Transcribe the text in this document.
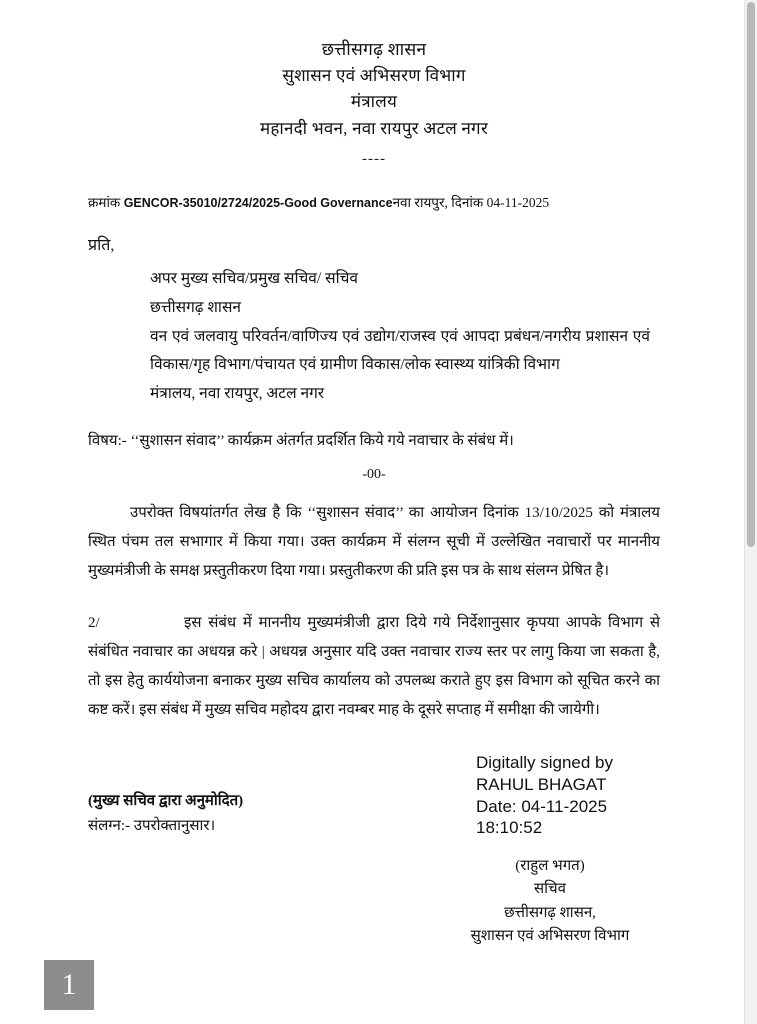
छत्तीसगढ़ शासन
सुशासन एवं अभिसरण विभाग
मंत्रालय
महानदी भवन, नवा रायपुर अटल नगर
----
क्रमांक GENCOR-35010/2724/2025-Good Governanceनवा रायपुर, दिनांक 04-11-2025
प्रति,
अपर मुख्य सचिव/प्रमुख सचिव/ सचिव
छत्तीसगढ़ शासन
वन एवं जलवायु परिवर्तन/वाणिज्य एवं उद्योग/राजस्व एवं आपदा प्रबंधन/नगरीय प्रशासन एवं विकास/गृह विभाग/पंचायत एवं ग्रामीण विकास/लोक स्वास्थ्य यांत्रिकी विभाग
मंत्रालय, नवा रायपुर, अटल नगर
विषय:- ‘‘सुशासन संवाद’’ कार्यक्रम अंतर्गत प्रदर्शित किये गये नवाचार के संबंध में।
-00-
उपरोक्त विषयांतर्गत लेख है कि ‘‘सुशासन संवाद’’ का आयोजन दिनांक 13/10/2025 को मंत्रालय स्थित पंचम तल सभागार में किया गया। उक्त कार्यक्रम में संलग्न सूची में उल्लेखित नवाचारों पर माननीय मुख्यमंत्रीजी के समक्ष प्रस्तुतीकरण दिया गया। प्रस्तुतीकरण की प्रति इस पत्र के साथ संलग्न प्रेषित है।
2/	इस संबंध में माननीय मुख्यमंत्रीजी द्वारा दिये गये निर्देशानुसार कृपया आपके विभाग से संबंधित नवाचार का अधयन्न करे | अधयन्न अनुसार यदि उक्त नवाचार राज्य स्तर पर लागु किया जा सकता है, तो इस हेतु कार्ययोजना बनाकर मुख्य सचिव कार्यालय को उपलब्ध कराते हुए इस विभाग को सूचित करने का कष्ट करें। इस संबंध में मुख्य सचिव महोदय द्वारा नवम्बर माह के दूसरे सप्ताह में समीक्षा की जायेगी।
Digitally signed by
RAHUL BHAGAT
Date: 04-11-2025
18:10:52
(मुख्य सचिव द्वारा अनुमोदित)
संलग्न:- उपरोक्तानुसार।
(राहुल भगत)
सचिव
छत्तीसगढ़ शासन,
सुशासन एवं अभिसरण विभाग
1
